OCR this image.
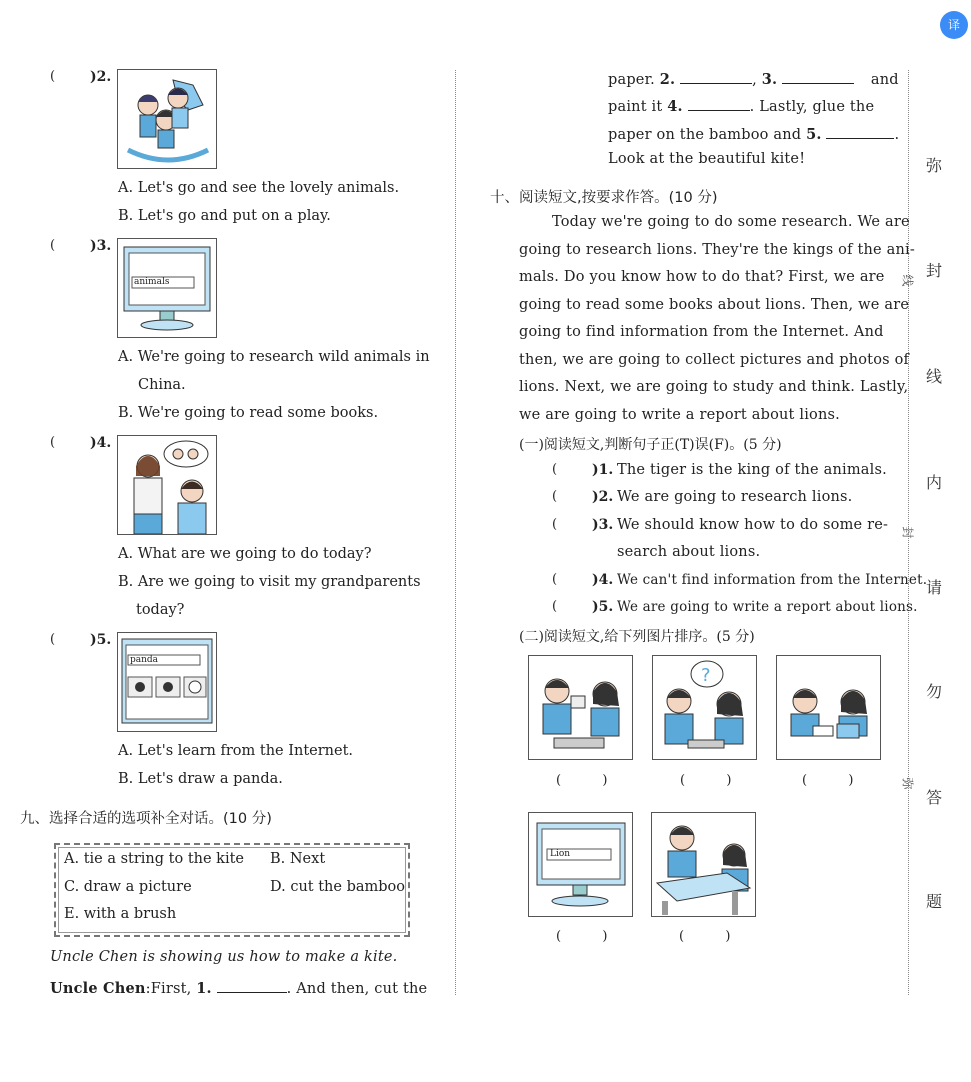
译
( )2.
A. Let's go and see the lovely animals.
B. Let's go and put on a play.
( )3.
animals
A. We're going to research wild animals in
China.
B. We're going to read some books.
( )4.
A. What are we going to do today?
B. Are we going to visit my grandparents
today?
( )5.
panda
A. Let's learn from the Internet.
B. Let's draw a panda.
九、选择合适的选项补全对话。(10 分)
A. tie a string to the kite B. Next
C. draw a picture	D. cut the bamboo
E. with a brush
Uncle Chen is showing us how to make a kite.
Uncle Chen:First, 1.	. And then, cut the
paper. 2.	, 3.	and
paint it 4.	. Lastly, glue the
paper on the bamboo and 5.	.
Look at the beautiful kite!
十、阅读短文,按要求作答。(10 分)
Today we're going to do some research. We are
going to research lions. They're the kings of the ani-
mals. Do you know how to do that? First, we are
going to read some books about lions. Then, we are
going to find information from the Internet. And
then, we are going to collect pictures and photos of
lions. Next, we are going to study and think. Lastly,
we are going to write a report about lions.
(一)阅读短文,判断句子正(T)误(F)。(5 分)
( )1. The tiger is the king of the animals.
( )2. We are going to research lions.
( )3. We should know how to do some re-
search about lions.
( )4. We can't find information from the Internet.
( )5. We are going to write a report about lions.
(二)阅读短文,给下列图片排序。(5 分)
?
(          )	(          )	(          )
Lion
(          )	(          )
弥
封
线
内
请
勿
答
题
线
封
弥
